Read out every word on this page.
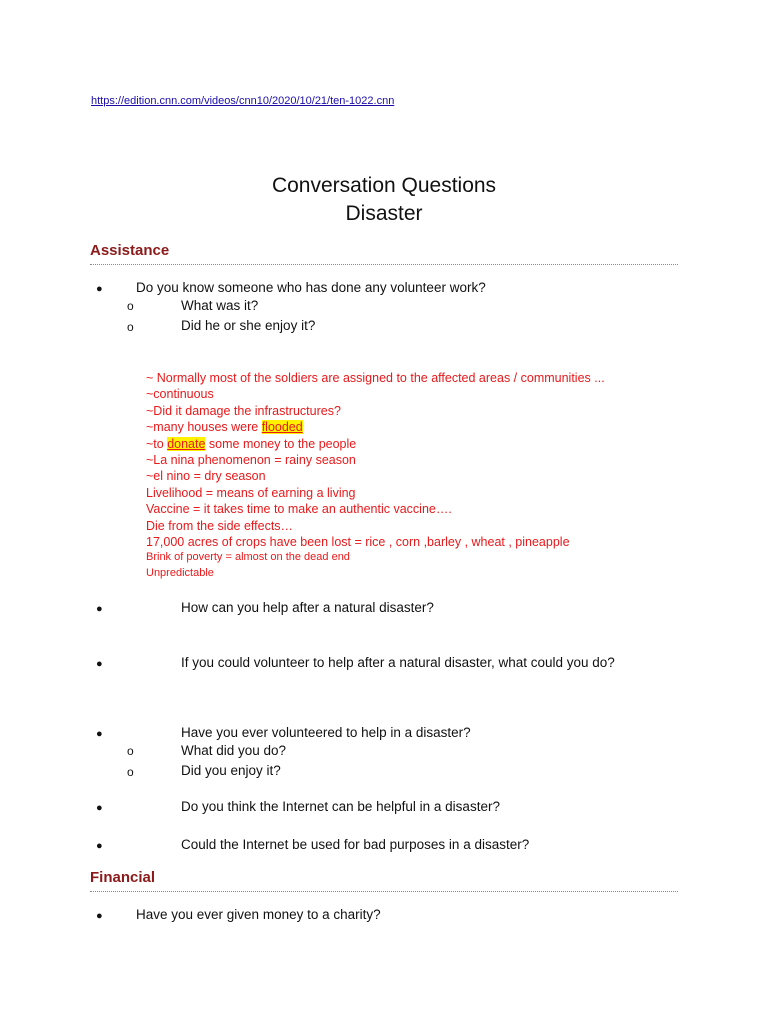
https://edition.cnn.com/videos/cnn10/2020/10/21/ten-1022.cnn
Conversation Questions
Disaster
Assistance
● Do you know someone who has done any volunteer work?
o	What was it?
o	Did he or she enjoy it?
~ Normally most of the soldiers are assigned to the affected areas / communities ...
~continuous
~Did it damage the infrastructures?
~many houses were flooded
~to donate some money to the people
~La nina phenomenon = rainy season
~el nino = dry season
Livelihood = means of earning a living
Vaccine = it takes time to make an authentic vaccine….
Die from the side effects…
17,000 acres of crops have been lost = rice , corn ,barley , wheat , pineapple
Brink of poverty = almost on the dead end
Unpredictable
●	How can you help after a natural disaster?
●	If you could volunteer to help after a natural disaster, what could you do?
●	Have you ever volunteered to help in a disaster?
o	What did you do?
o	Did you enjoy it?
●	Do you think the Internet can be helpful in a disaster?
●	Could the Internet be used for bad purposes in a disaster?
Financial
● Have you ever given money to a charity?
